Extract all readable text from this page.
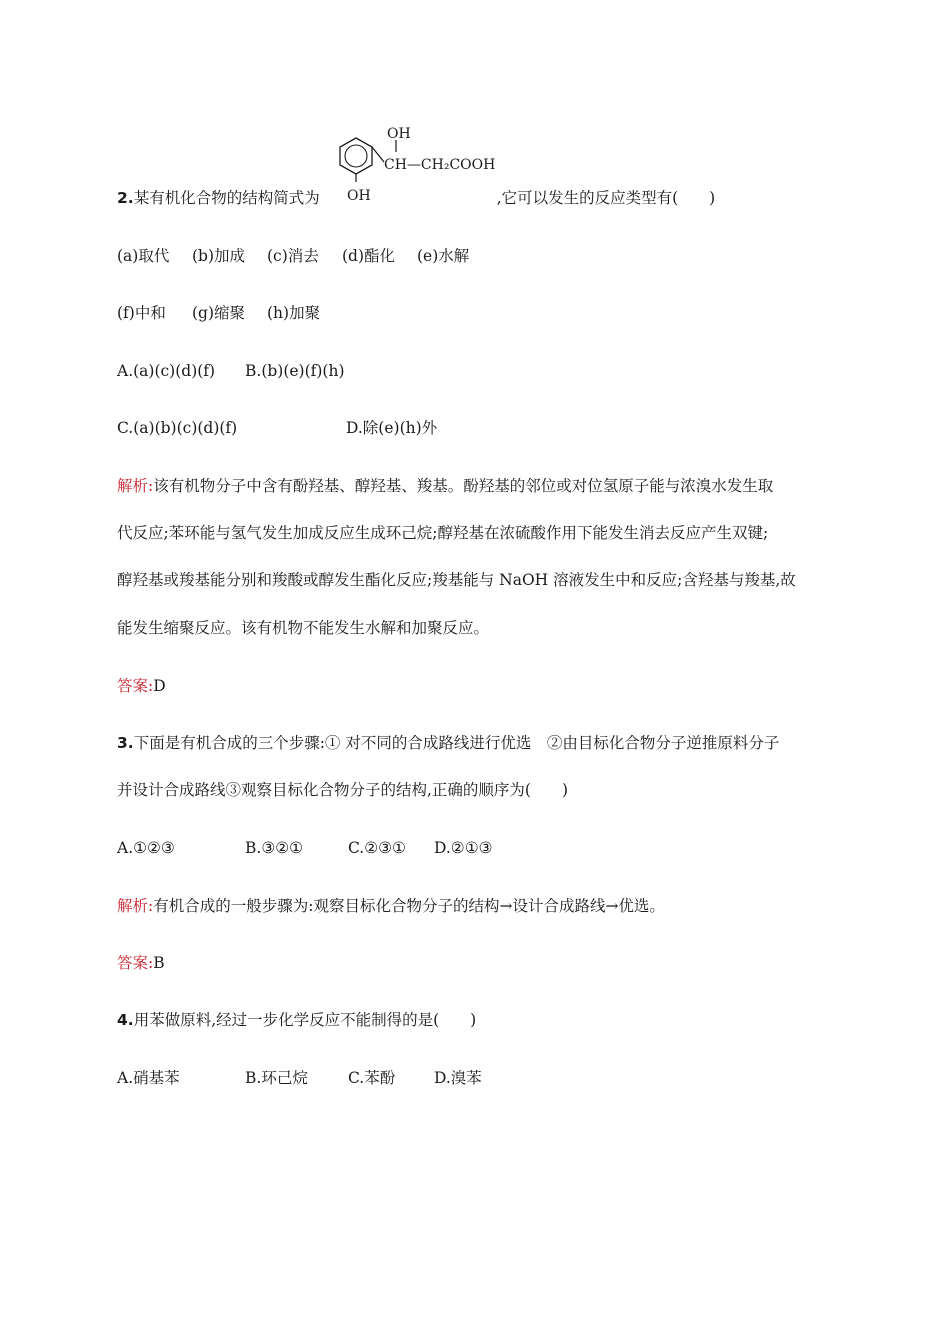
OH
CH—CH₂COOH
OH
2.某有机化合物的结构简式为	,它可以发生的反应类型有(　　)
(a)取代 (b)加成 (c)消去 (d)酯化 (e)水解
(f)中和 (g)缩聚 (h)加聚
A.(a)(c)(d)(f) B.(b)(e)(f)(h)
C.(a)(b)(c)(d)(f)	D.除(e)(h)外
解析:该有机物分子中含有酚羟基、醇羟基、羧基。酚羟基的邻位或对位氢原子能与浓溴水发生取
代反应;苯环能与氢气发生加成反应生成环己烷;醇羟基在浓硫酸作用下能发生消去反应产生双键;
醇羟基或羧基能分别和羧酸或醇发生酯化反应;羧基能与 NaOH 溶液发生中和反应;含羟基与羧基,故
能发生缩聚反应。该有机物不能发生水解和加聚反应。
答案:D
3.下面是有机合成的三个步骤:① 对不同的合成路线进行优选　②由目标化合物分子逆推原料分子
并设计合成路线③观察目标化合物分子的结构,正确的顺序为(　　)
A.①②③	B.③②①	C.②③① D.②①③
解析:有机合成的一般步骤为:观察目标化合物分子的结构→设计合成路线→优选。
答案:B
4.用苯做原料,经过一步化学反应不能制得的是(　　)
A.硝基苯	B.环己烷	C.苯酚	D.溴苯
